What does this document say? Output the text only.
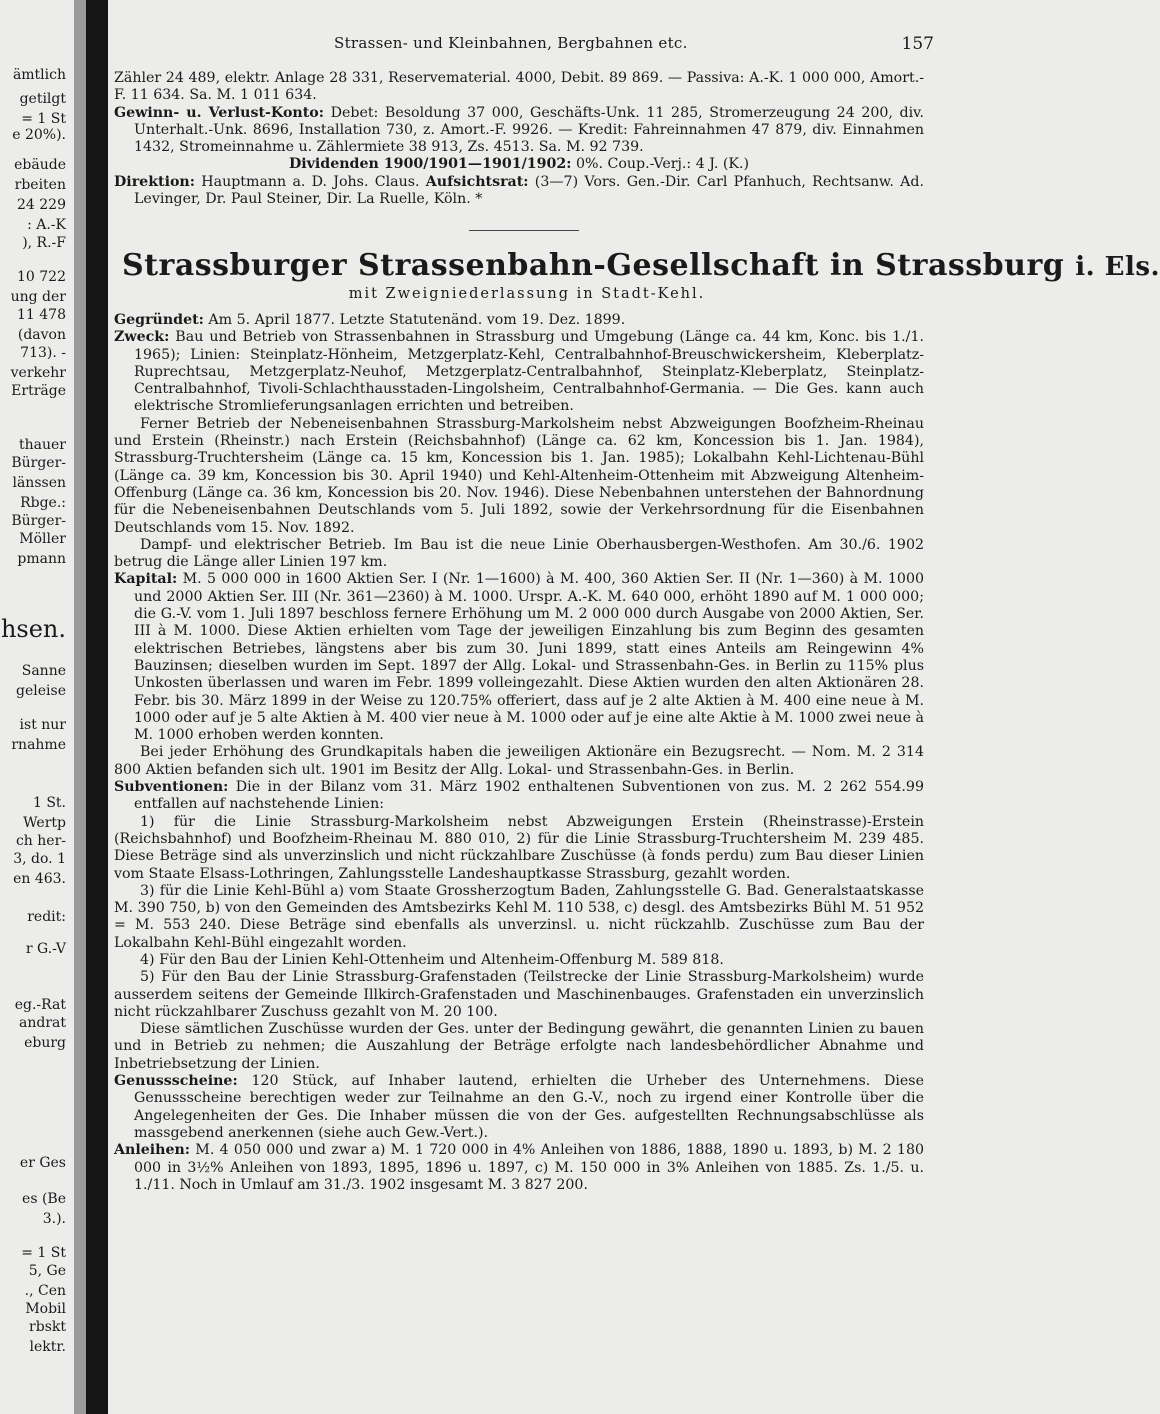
ämtlich
getilgt
= 1 St
e 20%).
ebäude
rbeiten
24 229
: A.-K
), R.-F
10 722
ung der
11 478
(davon
713). -
verkehr
Erträge
thauer
Bürger-
länssen
Rbge.:
Bürger-
Möller
pmann
hsen.
Sanne
geleise
ist nur
rnahme
1 St.
Wertp
ch her-
3, do. 1
en 463.
redit:
r G.-V
eg.-Rat
andrat
eburg
er Ges
es (Be
3.).
= 1 St
5, Ge
., Cen
Mobil
rbskt
lektr.
Strassen- und Kleinbahnen, Bergbahnen etc.	157

Zähler 24 489, elektr. Anlage 28 331, Reservematerial. 4000, Debit. 89 869. — Passiva: A.-K. 1 000 000, Amort.-F. 11 634. Sa. M. 1 011 634.

Gewinn- u. Verlust-Konto: Debet: Besoldung 37 000, Geschäfts-Unk. 11 285, Stromerzeugung 24 200, div. Unterhalt.-Unk. 8696, Installation 730, z. Amort.-F. 9926. — Kredit: Fahreinnahmen 47 879, div. Einnahmen 1432, Stromeinnahme u. Zählermiete 38 913, Zs. 4513. Sa. M. 92 739.

Dividenden 1900/1901—1901/1902: 0%. Coup.-Verj.: 4 J. (K.)

Direktion: Hauptmann a. D. Johs. Claus. Aufsichtsrat: (3—7) Vors. Gen.-Dir. Carl Pfanhuch, Rechtsanw. Ad. Levinger, Dr. Paul Steiner, Dir. La Ruelle, Köln. *

Strassburger Strassenbahn-Gesellschaft in Strassburg i. Els.
mit Zweigniederlassung in Stadt-Kehl.

Gegründet: Am 5. April 1877. Letzte Statutenänd. vom 19. Dez. 1899.

Zweck: Bau und Betrieb von Strassenbahnen in Strassburg und Umgebung (Länge ca. 44 km, Konc. bis 1./1. 1965); Linien: Steinplatz-Hönheim, Metzgerplatz-Kehl, Centralbahnhof-Breuschwickersheim, Kleberplatz-Ruprechtsau, Metzgerplatz-Neuhof, Metzgerplatz-Centralbahnhof, Steinplatz-Kleberplatz, Steinplatz-Centralbahnhof, Tivoli-Schlachthausstaden-Lingolsheim, Centralbahnhof-Germania. — Die Ges. kann auch elektrische Stromlieferungsanlagen errichten und betreiben.

Ferner Betrieb der Nebeneisenbahnen Strassburg-Markolsheim nebst Abzweigungen Boofzheim-Rheinau und Erstein (Rheinstr.) nach Erstein (Reichsbahnhof) (Länge ca. 62 km, Koncession bis 1. Jan. 1984), Strassburg-Truchtersheim (Länge ca. 15 km, Koncession bis 1. Jan. 1985); Lokalbahn Kehl-Lichtenau-Bühl (Länge ca. 39 km, Koncession bis 30. April 1940) und Kehl-Altenheim-Ottenheim mit Abzweigung Altenheim-Offenburg (Länge ca. 36 km, Koncession bis 20. Nov. 1946). Diese Nebenbahnen unterstehen der Bahnordnung für die Nebeneisenbahnen Deutschlands vom 5. Juli 1892, sowie der Verkehrsordnung für die Eisenbahnen Deutschlands vom 15. Nov. 1892.

Dampf- und elektrischer Betrieb. Im Bau ist die neue Linie Oberhausbergen-Westhofen. Am 30./6. 1902 betrug die Länge aller Linien 197 km.

Kapital: M. 5 000 000 in 1600 Aktien Ser. I (Nr. 1—1600) à M. 400, 360 Aktien Ser. II (Nr. 1—360) à M. 1000 und 2000 Aktien Ser. III (Nr. 361—2360) à M. 1000. Urspr. A.-K. M. 640 000, erhöht 1890 auf M. 1 000 000; die G.-V. vom 1. Juli 1897 beschloss fernere Erhöhung um M. 2 000 000 durch Ausgabe von 2000 Aktien, Ser. III à M. 1000. Diese Aktien erhielten vom Tage der jeweiligen Einzahlung bis zum Beginn des gesamten elektrischen Betriebes, längstens aber bis zum 30. Juni 1899, statt eines Anteils am Reingewinn 4% Bauzinsen; dieselben wurden im Sept. 1897 der Allg. Lokal- und Strassenbahn-Ges. in Berlin zu 115% plus Unkosten überlassen und waren im Febr. 1899 volleingezahlt. Diese Aktien wurden den alten Aktionären 28. Febr. bis 30. März 1899 in der Weise zu 120.75% offeriert, dass auf je 2 alte Aktien à M. 400 eine neue à M. 1000 oder auf je 5 alte Aktien à M. 400 vier neue à M. 1000 oder auf je eine alte Aktie à M. 1000 zwei neue à M. 1000 erhoben werden konnten.

Bei jeder Erhöhung des Grundkapitals haben die jeweiligen Aktionäre ein Bezugsrecht. — Nom. M. 2 314 800 Aktien befanden sich ult. 1901 im Besitz der Allg. Lokal- und Strassenbahn-Ges. in Berlin.

Subventionen: Die in der Bilanz vom 31. März 1902 enthaltenen Subventionen von zus. M. 2 262 554.99 entfallen auf nachstehende Linien:

1) für die Linie Strassburg-Markolsheim nebst Abzweigungen Erstein (Rheinstrasse)-Erstein (Reichsbahnhof) und Boofzheim-Rheinau M. 880 010, 2) für die Linie Strassburg-Truchtersheim M. 239 485. Diese Beträge sind als unverzinslich und nicht rückzahlbare Zuschüsse (à fonds perdu) zum Bau dieser Linien vom Staate Elsass-Lothringen, Zahlungsstelle Landeshauptkasse Strassburg, gezahlt worden.

3) für die Linie Kehl-Bühl a) vom Staate Grossherzogtum Baden, Zahlungsstelle G. Bad. Generalstaatskasse M. 390 750, b) von den Gemeinden des Amtsbezirks Kehl M. 110 538, c) desgl. des Amtsbezirks Bühl M. 51 952 = M. 553 240. Diese Beträge sind ebenfalls als unverzinsl. u. nicht rückzahlb. Zuschüsse zum Bau der Lokalbahn Kehl-Bühl eingezahlt worden.

4) Für den Bau der Linien Kehl-Ottenheim und Altenheim-Offenburg M. 589 818.

5) Für den Bau der Linie Strassburg-Grafenstaden (Teilstrecke der Linie Strassburg-Markolsheim) wurde ausserdem seitens der Gemeinde Illkirch-Grafenstaden und Maschinenbauges. Grafenstaden ein unverzinslich nicht rückzahlbarer Zuschuss gezahlt von M. 20 100.

Diese sämtlichen Zuschüsse wurden der Ges. unter der Bedingung gewährt, die genannten Linien zu bauen und in Betrieb zu nehmen; die Auszahlung der Beträge erfolgte nach landesbehördlicher Abnahme und Inbetriebsetzung der Linien.

Genussscheine: 120 Stück, auf Inhaber lautend, erhielten die Urheber des Unternehmens. Diese Genussscheine berechtigen weder zur Teilnahme an den G.-V., noch zu irgend einer Kontrolle über die Angelegenheiten der Ges. Die Inhaber müssen die von der Ges. aufgestellten Rechnungsabschlüsse als massgebend anerkennen (siehe auch Gew.-Vert.).

Anleihen: M. 4 050 000 und zwar a) M. 1 720 000 in 4% Anleihen von 1886, 1888, 1890 u. 1893, b) M. 2 180 000 in 3½% Anleihen von 1893, 1895, 1896 u. 1897, c) M. 150 000 in 3% Anleihen von 1885. Zs. 1./5. u. 1./11. Noch in Umlauf am 31./3. 1902 insgesamt M. 3 827 200.
